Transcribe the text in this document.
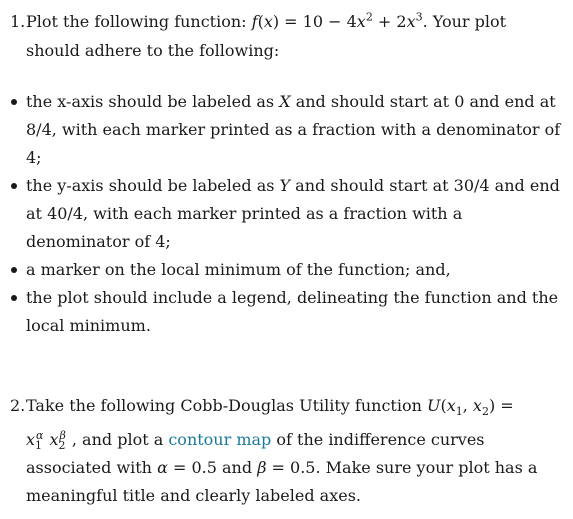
1. Plot the following function: $f(x) = 10 - 4x^2 + 2x^3$. Your plot
should adhere to the following:
the x-axis should be labeled as X and should start at 0 and end at
8/4, with each marker printed as a fraction with a denominator of
4;
the y-axis should be labeled as Y and should start at 30/4 and end
at 40/4, with each marker printed as a fraction with a
denominator of 4;
a marker on the local minimum of the function; and,
the plot should include a legend, delineating the function and the
local minimum.
2. Take the following Cobb-Douglas Utility function $U(x_1$, $x_2$) =
$x_1^\alpha$ $x_2^\beta$ , and plot a contour map of the indifference curves
associated with α = 0.5 and β = 0.5. Make sure your plot has a
meaningful title and clearly labeled axes.
